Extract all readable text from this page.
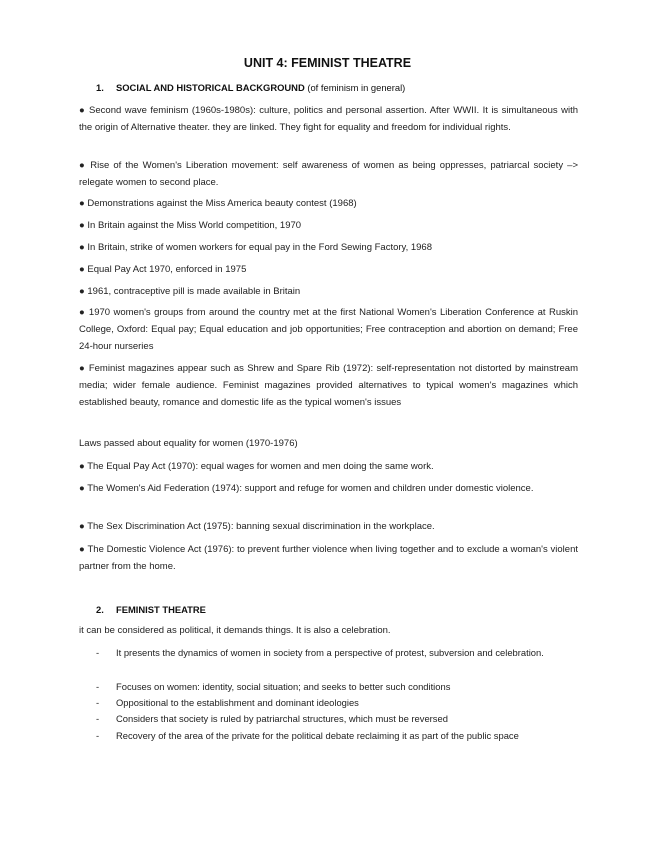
UNIT 4: FEMINIST THEATRE
1. SOCIAL AND HISTORICAL BACKGROUND (of feminism in general)
● Second wave feminism (1960s-1980s): culture, politics and personal assertion. After WWII. It is simultaneous with the origin of Alternative theater. they are linked. They fight for equality and freedom for individual rights.
● Rise of the Women's Liberation movement: self awareness of women as being oppresses, patriarcal society –> relegate women to second place.
● Demonstrations against the Miss America beauty contest (1968)
● In Britain against the Miss World competition, 1970
● In Britain, strike of women workers for equal pay in the Ford Sewing Factory, 1968
● Equal Pay Act 1970, enforced in 1975
● 1961, contraceptive pill is made available in Britain
● 1970 women's groups from around the country met at the first National Women's Liberation Conference at Ruskin College, Oxford: Equal pay; Equal education and job opportunities; Free contraception and abortion on demand; Free 24-hour nurseries
● Feminist magazines appear such as Shrew and Spare Rib (1972): self-representation not distorted by mainstream media; wider female audience. Feminist magazines provided alternatives to typical women's magazines which established beauty, romance and domestic life as the typical women's issues
Laws passed about equality for women (1970-1976)
● The Equal Pay Act (1970): equal wages for women and men doing the same work.
● The Women's Aid Federation (1974): support and refuge for women and children under domestic violence.
● The Sex Discrimination Act (1975): banning sexual discrimination in the workplace.
● The Domestic Violence Act (1976): to prevent further violence when living together and to exclude a woman's violent partner from the home.
2. FEMINIST THEATRE
it can be considered as political, it demands things. It is also a celebration.
- It presents the dynamics of women in society from a perspective of protest, subversion and celebration.
- Focuses on women: identity, social situation; and seeks to better such conditions
- Oppositional to the establishment and dominant ideologies
- Considers that society is ruled by patriarchal structures, which must be reversed
- Recovery of the area of the private for the political debate reclaiming it as part of the public space
